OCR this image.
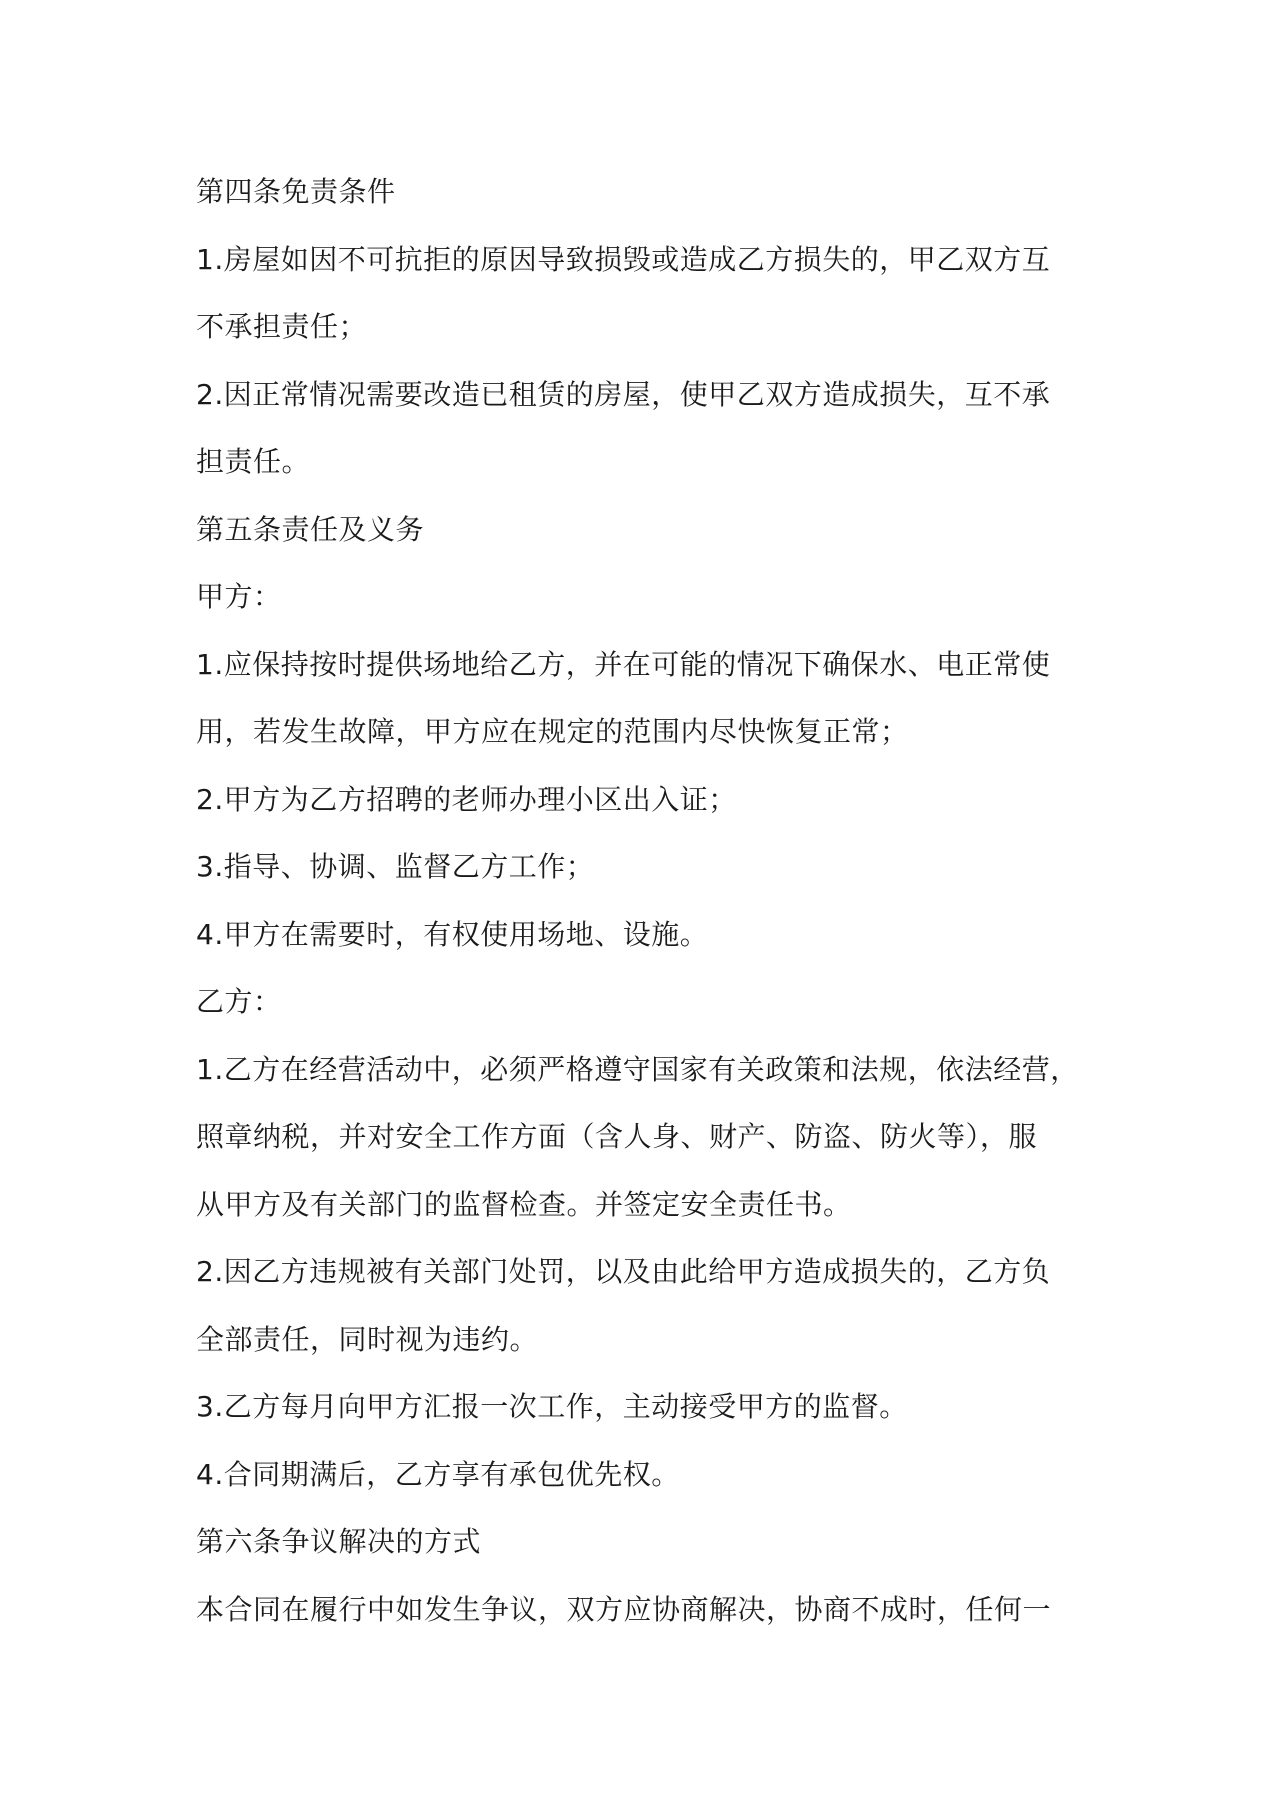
第四条免责条件
1.房屋如因不可抗拒的原因导致损毁或造成乙方损失的，甲乙双方互
不承担责任；
2.因正常情况需要改造已租赁的房屋，使甲乙双方造成损失，互不承
担责任。
第五条责任及义务
甲方：
1.应保持按时提供场地给乙方，并在可能的情况下确保水、电正常使
用，若发生故障，甲方应在规定的范围内尽快恢复正常；
2.甲方为乙方招聘的老师办理小区出入证；
3.指导、协调、监督乙方工作；
4.甲方在需要时，有权使用场地、设施。
乙方：
1.乙方在经营活动中，必须严格遵守国家有关政策和法规，依法经营，
照章纳税，并对安全工作方面（含人身、财产、防盗、防火等），服
从甲方及有关部门的监督检查。并签定安全责任书。
2.因乙方违规被有关部门处罚，以及由此给甲方造成损失的，乙方负
全部责任，同时视为违约。
3.乙方每月向甲方汇报一次工作，主动接受甲方的监督。
4.合同期满后，乙方享有承包优先权。
第六条争议解决的方式
本合同在履行中如发生争议，双方应协商解决，协商不成时，任何一
